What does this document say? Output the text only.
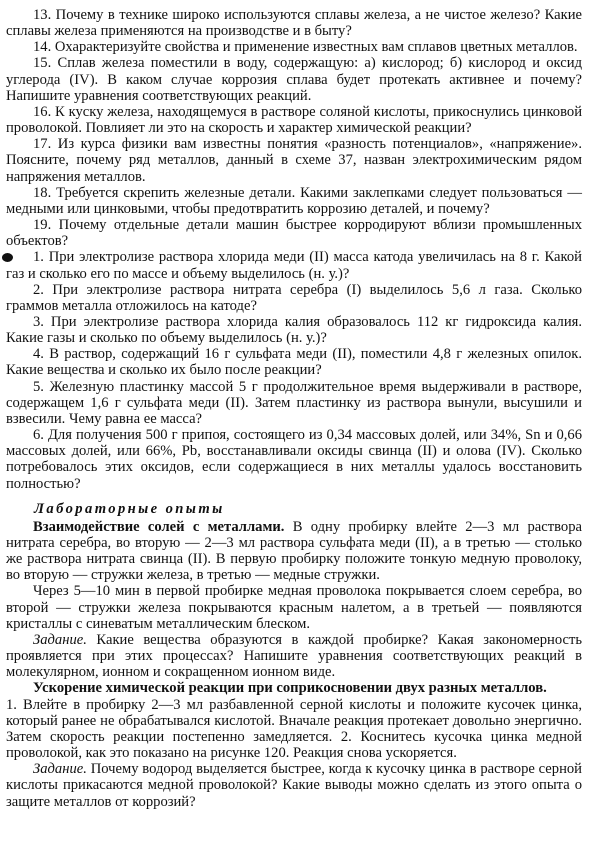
13. Почему в технике широко используются сплавы железа, а не чистое железо? Какие сплавы железа применяются на производстве и в быту?

14. Охарактеризуйте свойства и применение известных вам сплавов цветных металлов.

15. Сплав железа поместили в воду, содержащую: а) кислород; б) кислород и оксид углерода (IV). В каком случае коррозия сплава будет протекать активнее и почему? Напишите уравнения соответствующих реакций.

16. К куску железа, находящемуся в растворе соляной кислоты, прикоснулись цинковой проволокой. Повлияет ли это на скорость и характер химической реакции?

17. Из курса физики вам известны понятия «разность потенциалов», «напряжение». Поясните, почему ряд металлов, данный в схеме 37, назван электрохимическим рядом напряжения металлов.

18. Требуется скрепить железные детали. Какими заклепками следует пользоваться — медными или цинковыми, чтобы предотвратить коррозию деталей, и почему?

19. Почему отдельные детали машин быстрее корродируют вблизи промышленных объектов?

1. При электролизе раствора хлорида меди (II) масса катода увеличилась на 8 г. Какой газ и сколько его по массе и объему выделилось (н. у.)?

2. При электролизе раствора нитрата серебра (I) выделилось 5,6 л газа. Сколько граммов металла отложилось на катоде?

3. При электролизе раствора хлорида калия образовалось 112 кг гидроксида калия. Какие газы и сколько по объему выделилось (н. у.)?

4. В раствор, содержащий 16 г сульфата меди (II), поместили 4,8 г железных опилок. Какие вещества и сколько их было после реакции?

5. Железную пластинку массой 5 г продолжительное время выдерживали в растворе, содержащем 1,6 г сульфата меди (II). Затем пластинку из раствора вынули, высушили и взвесили. Чему равна ее масса?

6. Для получения 500 г припоя, состоящего из 0,34 массовых долей, или 34%, Sn и 0,66 массовых долей, или 66%, Pb, восстанавливали оксиды свинца (II) и олова (IV). Сколько потребовалось этих оксидов, если содержащиеся в них металлы удалось восстановить полностью?

Лабораторные опыты

Взаимодействие солей с металлами. В одну пробирку влейте 2—3 мл раствора нитрата серебра, во вторую — 2—3 мл раствора сульфата меди (II), а в третью — столько же раствора нитрата свинца (II). В первую пробирку положите тонкую медную проволоку, во вторую — стружки железа, в третью — медные стружки.

Через 5—10 мин в первой пробирке медная проволока покрывается слоем серебра, во второй — стружки железа покрываются красным налетом, а в третьей — появляются кристаллы с синеватым металлическим блеском.

Задание. Какие вещества образуются в каждой пробирке? Какая закономерность проявляется при этих процессах? Напишите уравнения соответствующих реакций в молекулярном, ионном и сокращенном ионном виде.

Ускорение химической реакции при соприкосновении двух разных металлов.

1. Влейте в пробирку 2—3 мл разбавленной серной кислоты и положите кусочек цинка, который ранее не обрабатывался кислотой. Вначале реакция протекает довольно энергично. Затем скорость реакции постепенно замедляется. 2. Коснитесь кусочка цинка медной проволокой, как это показано на рисунке 120. Реакция снова ускоряется.

Задание. Почему водород выделяется быстрее, когда к кусочку цинка в растворе серной кислоты прикасаются медной проволокой? Какие выводы можно сделать из этого опыта о защите металлов от коррозий?
